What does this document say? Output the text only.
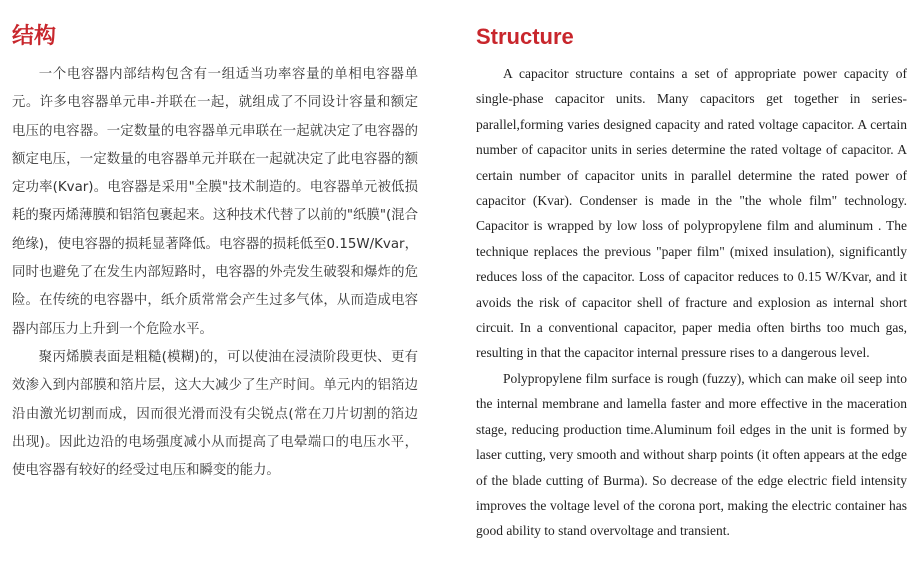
结构

一个电容器内部结构包含有一组适当功率容量的单相电容器单元。许多电容器单元串-并联在一起，就组成了不同设计容量和额定电压的电容器。一定数量的电容器单元串联在一起就决定了电容器的额定电压，一定数量的电容器单元并联在一起就决定了此电容器的额定功率(Kvar)。电容器是采用"全膜"技术制造的。电容器单元被低损耗的聚丙烯薄膜和铝箔包裹起来。这种技术代替了以前的"纸膜"(混合绝缘)，使电容器的损耗显著降低。电容器的损耗低至0.15W/Kvar，同时也避免了在发生内部短路时，电容器的外壳发生破裂和爆炸的危险。在传统的电容器中，纸介质常常会产生过多气体，从而造成电容器内部压力上升到一个危险水平。

聚丙烯膜表面是粗糙(模糊)的，可以使油在浸渍阶段更快、更有效渗入到内部膜和箔片层，这大大减少了生产时间。单元内的铝箔边沿由激光切割而成，因而很光滑而没有尖锐点(常在刀片切割的箔边出现)。因此边沿的电场强度减小从而提高了电晕端口的电压水平，使电容器有较好的经受过电压和瞬变的能力。

Structure

A capacitor structure contains a set of appropriate power capacity of single-phase capacitor units. Many capacitors get together in series-parallel,forming varies designed capacity and rated voltage capacitor. A certain number of capacitor units in series determine the rated voltage of capacitor. A certain number of capacitor units in parallel determine the rated power of capacitor (Kvar). Condenser is made in the "the whole film" technology. Capacitor is wrapped by low loss of polypropylene film and aluminum . The technique replaces the previous "paper film" (mixed insulation), significantly reduces loss of the capacitor. Loss of capacitor reduces to 0.15 W/Kvar, and it avoids the risk of capacitor shell of fracture and explosion as internal short circuit. In a conventional capacitor, paper media often births too much gas, resulting in that the capacitor internal pressure rises to a dangerous level.

Polypropylene film surface is rough (fuzzy), which can make oil seep into the internal membrane and lamella faster and more effective in the maceration stage, reducing production time.Aluminum foil edges in the unit is formed by laser cutting, very smooth and without sharp points (it often appears at the edge of the blade cutting of Burma). So decrease of the edge electric field intensity improves the voltage level of the corona port, making the electric container has good ability to stand overvoltage and transient.
